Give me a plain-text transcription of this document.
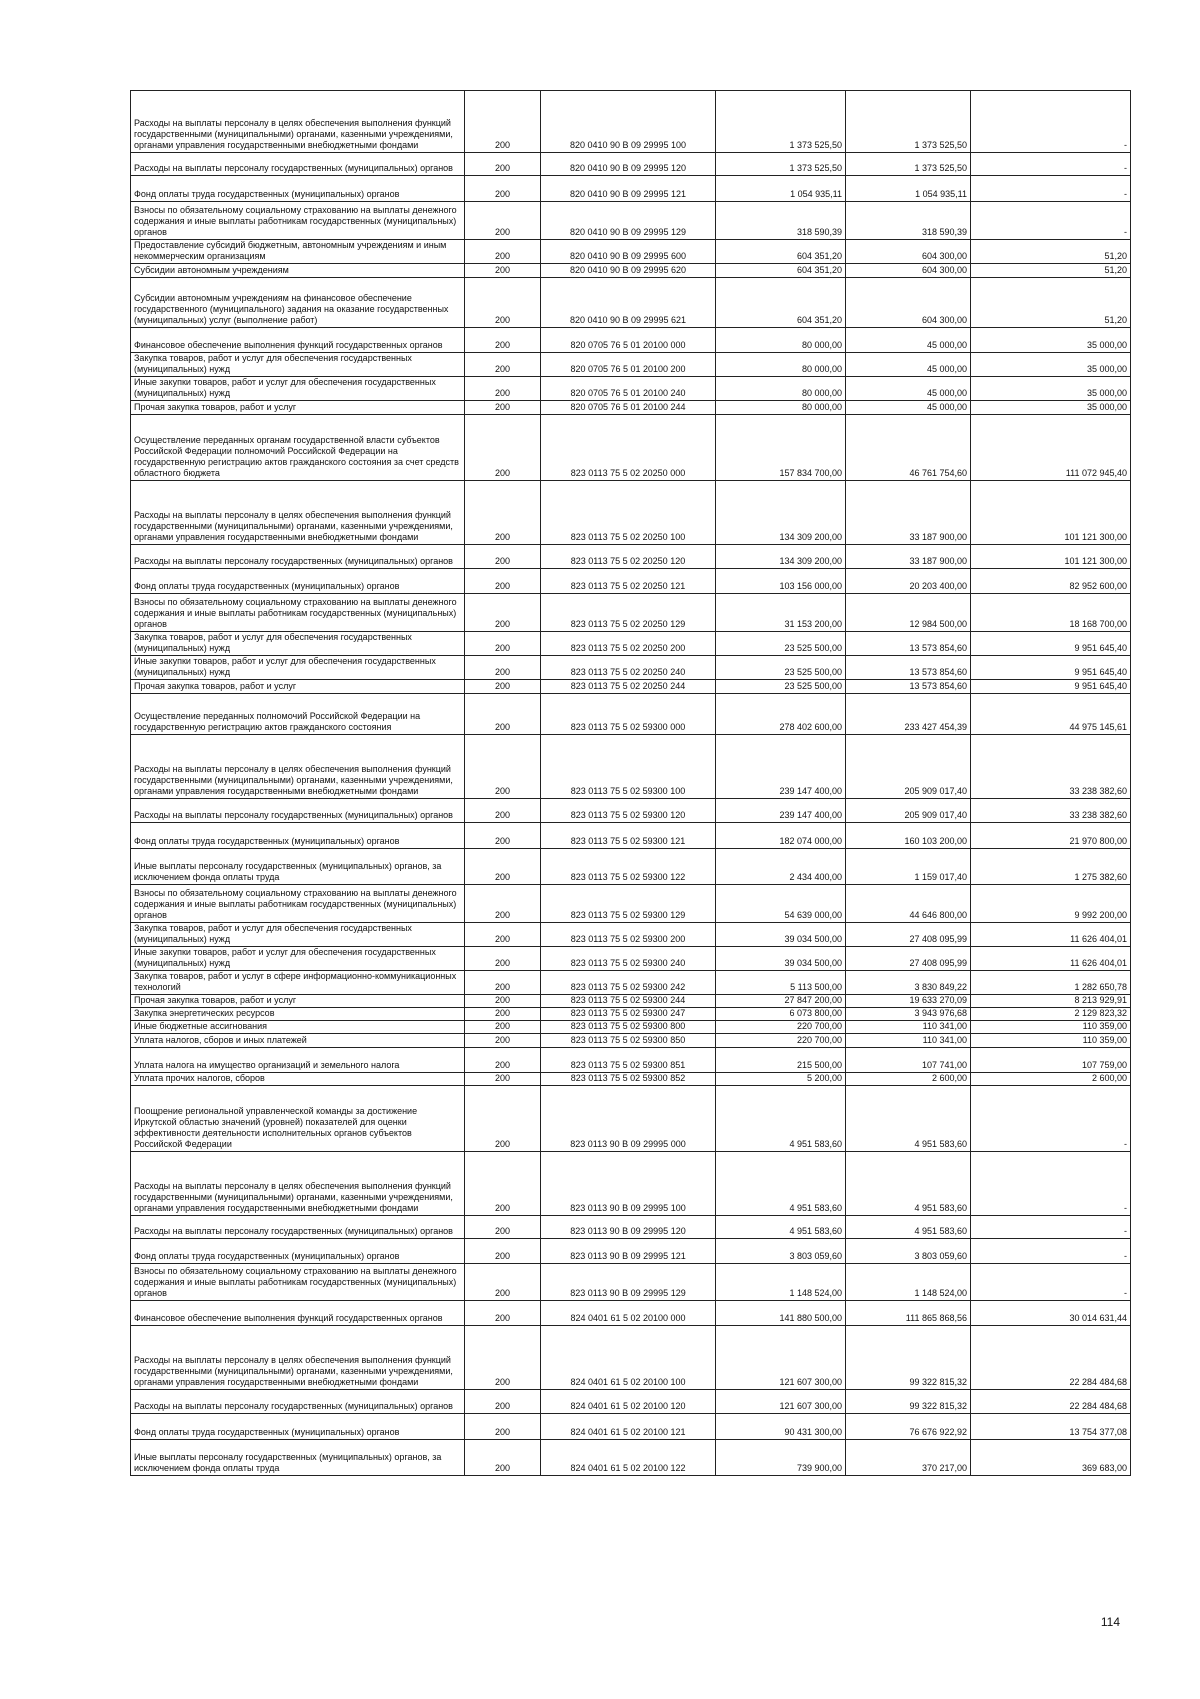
Расходы на выплаты персоналу в целях обеспечения выполнения функций государственными (муниципальными) органами, казенными учреждениями, органами управления государственными внебюджетными фондами	200	820 0410 90 В 09 29995 100	1 373 525,50	1 373 525,50	-
Расходы на выплаты персоналу государственных (муниципальных) органов	200	820 0410 90 В 09 29995 120	1 373 525,50	1 373 525,50	-
Фонд оплаты труда государственных (муниципальных) органов	200	820 0410 90 В 09 29995 121	1 054 935,11	1 054 935,11	-
Взносы по обязательному социальному страхованию на выплаты денежного содержания и иные выплаты работникам государственных (муниципальных) органов	200	820 0410 90 В 09 29995 129	318 590,39	318 590,39	-
Предоставление субсидий бюджетным, автономным учреждениям и иным некоммерческим организациям	200	820 0410 90 В 09 29995 600	604 351,20	604 300,00	51,20
Субсидии автономным учреждениям	200	820 0410 90 В 09 29995 620	604 351,20	604 300,00	51,20
Субсидии автономным учреждениям на финансовое обеспечение государственного (муниципального) задания на оказание государственных (муниципальных) услуг (выполнение работ)	200	820 0410 90 В 09 29995 621	604 351,20	604 300,00	51,20
Финансовое обеспечение выполнения функций государственных органов	200	820 0705 76 5 01 20100 000	80 000,00	45 000,00	35 000,00
Закупка товаров, работ и услуг для обеспечения государственных (муниципальных) нужд	200	820 0705 76 5 01 20100 200	80 000,00	45 000,00	35 000,00
Иные закупки товаров, работ и услуг для обеспечения государственных (муниципальных) нужд	200	820 0705 76 5 01 20100 240	80 000,00	45 000,00	35 000,00
Прочая закупка товаров, работ и услуг	200	820 0705 76 5 01 20100 244	80 000,00	45 000,00	35 000,00
Осуществление переданных органам государственной власти субъектов Российской Федерации полномочий Российской Федерации на государственную регистрацию актов гражданского состояния за счет средств областного бюджета	200	823 0113 75 5 02 20250 000	157 834 700,00	46 761 754,60	111 072 945,40
Расходы на выплаты персоналу в целях обеспечения выполнения функций государственными (муниципальными) органами, казенными учреждениями, органами управления государственными внебюджетными фондами	200	823 0113 75 5 02 20250 100	134 309 200,00	33 187 900,00	101 121 300,00
Расходы на выплаты персоналу государственных (муниципальных) органов	200	823 0113 75 5 02 20250 120	134 309 200,00	33 187 900,00	101 121 300,00
Фонд оплаты труда государственных (муниципальных) органов	200	823 0113 75 5 02 20250 121	103 156 000,00	20 203 400,00	82 952 600,00
Взносы по обязательному социальному страхованию на выплаты денежного содержания и иные выплаты работникам государственных (муниципальных) органов	200	823 0113 75 5 02 20250 129	31 153 200,00	12 984 500,00	18 168 700,00
Закупка товаров, работ и услуг для обеспечения государственных (муниципальных) нужд	200	823 0113 75 5 02 20250 200	23 525 500,00	13 573 854,60	9 951 645,40
Иные закупки товаров, работ и услуг для обеспечения государственных (муниципальных) нужд	200	823 0113 75 5 02 20250 240	23 525 500,00	13 573 854,60	9 951 645,40
Прочая закупка товаров, работ и услуг	200	823 0113 75 5 02 20250 244	23 525 500,00	13 573 854,60	9 951 645,40
Осуществление переданных полномочий Российской Федерации на государственную регистрацию актов гражданского состояния	200	823 0113 75 5 02 59300 000	278 402 600,00	233 427 454,39	44 975 145,61
Расходы на выплаты персоналу в целях обеспечения выполнения функций государственными (муниципальными) органами, казенными учреждениями, органами управления государственными внебюджетными фондами	200	823 0113 75 5 02 59300 100	239 147 400,00	205 909 017,40	33 238 382,60
Расходы на выплаты персоналу государственных (муниципальных) органов	200	823 0113 75 5 02 59300 120	239 147 400,00	205 909 017,40	33 238 382,60
Фонд оплаты труда государственных (муниципальных) органов	200	823 0113 75 5 02 59300 121	182 074 000,00	160 103 200,00	21 970 800,00
Иные выплаты персоналу государственных (муниципальных) органов, за исключением фонда оплаты труда	200	823 0113 75 5 02 59300 122	2 434 400,00	1 159 017,40	1 275 382,60
Взносы по обязательному социальному страхованию на выплаты денежного содержания и иные выплаты работникам государственных (муниципальных) органов	200	823 0113 75 5 02 59300 129	54 639 000,00	44 646 800,00	9 992 200,00
Закупка товаров, работ и услуг для обеспечения государственных (муниципальных) нужд	200	823 0113 75 5 02 59300 200	39 034 500,00	27 408 095,99	11 626 404,01
Иные закупки товаров, работ и услуг для обеспечения государственных (муниципальных) нужд	200	823 0113 75 5 02 59300 240	39 034 500,00	27 408 095,99	11 626 404,01
Закупка товаров, работ и услуг в сфере информационно-коммуникационных технологий	200	823 0113 75 5 02 59300 242	5 113 500,00	3 830 849,22	1 282 650,78
Прочая закупка товаров, работ и услуг	200	823 0113 75 5 02 59300 244	27 847 200,00	19 633 270,09	8 213 929,91
Закупка энергетических ресурсов	200	823 0113 75 5 02 59300 247	6 073 800,00	3 943 976,68	2 129 823,32
Иные бюджетные ассигнования	200	823 0113 75 5 02 59300 800	220 700,00	110 341,00	110 359,00
Уплата налогов, сборов и иных платежей	200	823 0113 75 5 02 59300 850	220 700,00	110 341,00	110 359,00
Уплата налога на имущество организаций и земельного налога	200	823 0113 75 5 02 59300 851	215 500,00	107 741,00	107 759,00
Уплата прочих налогов, сборов	200	823 0113 75 5 02 59300 852	5 200,00	2 600,00	2 600,00
Поощрение региональной управленческой команды за достижение Иркутской областью значений (уровней) показателей для оценки эффективности деятельности исполнительных органов субъектов Российской Федерации	200	823 0113 90 В 09 29995 000	4 951 583,60	4 951 583,60	-
Расходы на выплаты персоналу в целях обеспечения выполнения функций государственными (муниципальными) органами, казенными учреждениями, органами управления государственными внебюджетными фондами	200	823 0113 90 В 09 29995 100	4 951 583,60	4 951 583,60	-
Расходы на выплаты персоналу государственных (муниципальных) органов	200	823 0113 90 В 09 29995 120	4 951 583,60	4 951 583,60	-
Фонд оплаты труда государственных (муниципальных) органов	200	823 0113 90 В 09 29995 121	3 803 059,60	3 803 059,60	-
Взносы по обязательному социальному страхованию на выплаты денежного содержания и иные выплаты работникам государственных (муниципальных) органов	200	823 0113 90 В 09 29995 129	1 148 524,00	1 148 524,00	-
Финансовое обеспечение выполнения функций государственных органов	200	824 0401 61 5 02 20100 000	141 880 500,00	111 865 868,56	30 014 631,44
Расходы на выплаты персоналу в целях обеспечения выполнения функций государственными (муниципальными) органами, казенными учреждениями, органами управления государственными внебюджетными фондами	200	824 0401 61 5 02 20100 100	121 607 300,00	99 322 815,32	22 284 484,68
Расходы на выплаты персоналу государственных (муниципальных) органов	200	824 0401 61 5 02 20100 120	121 607 300,00	99 322 815,32	22 284 484,68
Фонд оплаты труда государственных (муниципальных) органов	200	824 0401 61 5 02 20100 121	90 431 300,00	76 676 922,92	13 754 377,08
Иные выплаты персоналу государственных (муниципальных) органов, за исключением фонда оплаты труда	200	824 0401 61 5 02 20100 122	739 900,00	370 217,00	369 683,00
114
